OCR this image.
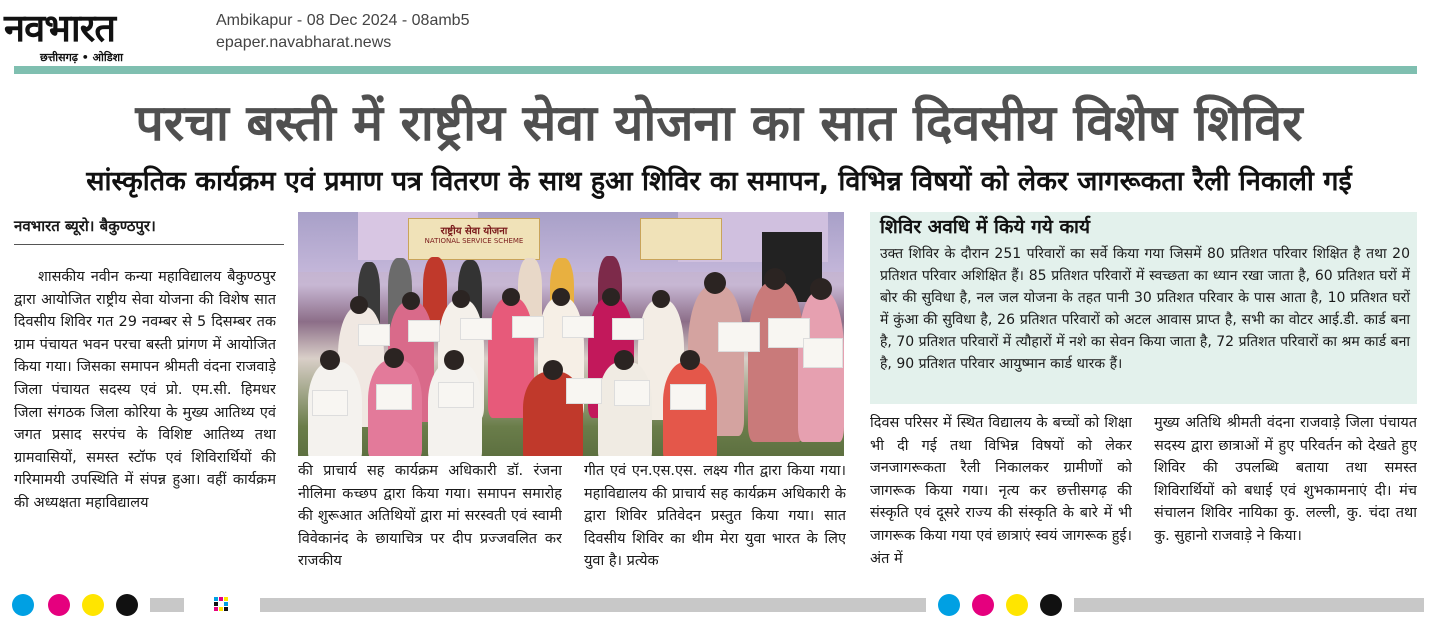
नवभारत
छत्तीसगढ़ • ओडिशा
Ambikapur - 08 Dec 2024 - 08amb5
epaper.navabharat.news
परचा बस्ती में राष्ट्रीय सेवा योजना का सात दिवसीय विशेष शिविर
सांस्कृतिक कार्यक्रम एवं प्रमाण पत्र वितरण के साथ हुआ शिविर का समापन, विभिन्न विषयों को लेकर जागरूकता रैली निकाली गई
नवभारत ब्यूरो। बैकुण्ठपुर।
शासकीय नवीन कन्या महाविद्यालय बैकुण्ठपुर द्वारा आयोजित राष्ट्रीय सेवा योजना की विशेष सात दिवसीय शिविर गत 29 नवम्बर से 5 दिसम्बर तक ग्राम पंचायत भवन परचा बस्ती प्रांगण में आयोजित किया गया। जिसका समापन श्रीमती वंदना राजवाड़े जिला पंचायत सदस्य एवं प्रो. एम.सी. हिमधर जिला संगठक जिला कोरिया के मुख्य आतिथ्य एवं जगत प्रसाद सरपंच के विशिष्ट आतिथ्य तथा ग्रामवासियों, समस्त स्टॉफ एवं शिविरार्थियों की गरिमामयी उपस्थिति में संपन्न हुआ। वहीं कार्यक्रम की अध्यक्षता महाविद्यालय
राष्ट्रीय सेवा योजना
NATIONAL SERVICE SCHEME
की प्राचार्य सह कार्यक्रम अधिकारी डॉ. रंजना नीलिमा कच्छप द्वारा किया गया। समापन समारोह की शुरूआत अतिथियों द्वारा मां सरस्वती एवं स्वामी विवेकानंद के छायाचित्र पर दीप प्रज्जवलित कर राजकीय
गीत एवं एन.एस.एस. लक्ष्य गीत द्वारा किया गया। महाविद्यालय की प्राचार्य सह कार्यक्रम अधिकारी के द्वारा शिविर प्रतिवेदन प्रस्तुत किया गया। सात दिवसीय शिविर का थीम मेरा युवा भारत के लिए युवा है। प्रत्येक
शिविर अवधि में किये गये कार्य
उक्त शिविर के दौरान 251 परिवारों का सर्वे किया गया जिसमें 80 प्रतिशत परिवार शिक्षित है तथा 20 प्रतिशत परिवार अशिक्षित हैं। 85 प्रतिशत परिवारों में स्वच्छता का ध्यान रखा जाता है, 60 प्रतिशत घरों में बोर की सुविधा है, नल जल योजना के तहत पानी 30 प्रतिशत परिवार के पास आता है, 10 प्रतिशत घरों में कुंआ की सुविधा है, 26 प्रतिशत परिवारों को अटल आवास प्राप्त है, सभी का वोटर आई.डी. कार्ड बना है, 70 प्रतिशत परिवारों में त्यौहारों में नशे का सेवन किया जाता है, 72 प्रतिशत परिवारों का श्रम कार्ड बना है, 90 प्रतिशत परिवार आयुष्मान कार्ड धारक हैं।
दिवस परिसर में स्थित विद्यालय के बच्चों को शिक्षा भी दी गई तथा विभिन्न विषयों को लेकर जनजागरूकता रैली निकालकर ग्रामीणों को जागरूक किया गया। नृत्य कर छत्तीसगढ़ की संस्कृति एवं दूसरे राज्य की संस्कृति के बारे में भी जागरूक किया गया एवं छात्राएं स्वयं जागरूक हुई। अंत में
मुख्य अतिथि श्रीमती वंदना राजवाड़े जिला पंचायत सदस्य द्वारा छात्राओं में हुए परिवर्तन को देखते हुए शिविर की उपलब्धि बताया तथा समस्त शिविरार्थियों को बधाई एवं शुभकामनाएं दी। मंच संचालन शिविर नायिका कु. लल्ली, कु. चंदा तथा कु. सुहानो राजवाड़े ने किया।
